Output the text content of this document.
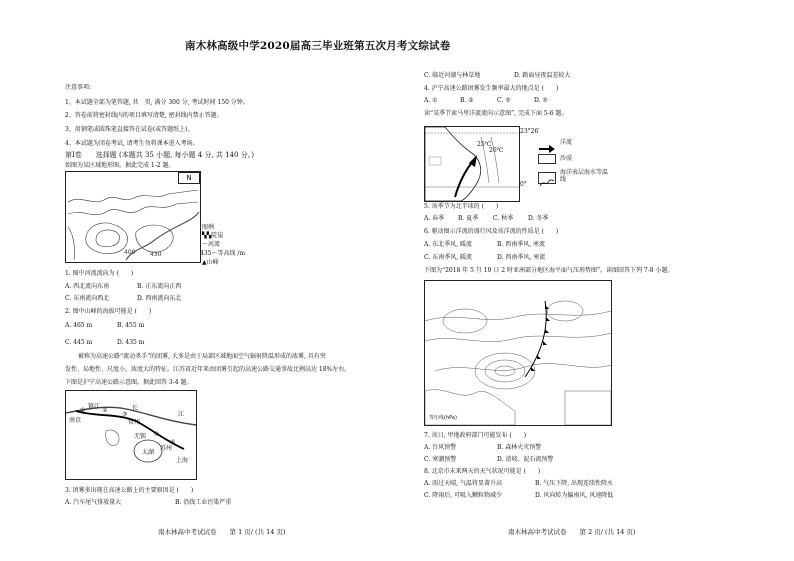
南木林高级中学2020届高三毕业班第五次月考文综试卷
注意事项:
1、本试题全部为笔答题, 共　页, 满分 300 分, 考试时间 150 分钟。
2、答卷前将密封线内的项目填写清楚, 密封线内禁止答题。
3、用钢笔或圆珠笔直接答在试卷(或答题纸上)。
4、本试题为闭卷考试, 请考生勿将课本进入考场。
第Ⅰ卷　　选择题 (本题共 35 小题, 每小题 4 分, 共 140 分。)
如图为某区域地形图。据此完成 1-2 题。
400 430
N
图例
▚▚陡崖
～河流
435～等高线 /m
▲山峰
1. 图中河流流向为 (　　)
A. 西北流向东南	B. 正东流向正西
C. 东南流向西北	D. 西南流向东北
2. 图中山峰的海拔可能是 (　　)
A. 465 m	B. 455 m
C. 445 m	D. 435 m
被称为高速公路“流动杀手”的团雾, 大多是由于局部区域地面空气辐射降温形成的浓雾, 具有突
发性、局地性、尺度小、浓度大的特征。江苏省近年来由团雾引起的高速公路交通事故比例高达 18%左右。
下图是沪宁高速公路示意图。据此回答 3-4 题。
南京
江
镇江
常州
无锡
苏州
上海
太湖
长
①	②
③
④
⑤
3. 团雾多出现在高速公路上的主要原因是 (　　)
A. 汽车尾气排放量大	B. 沿线工业污染严重
C. 临近河湖与林草地	D. 路面昼夜温差较大
4. 沪宁高速公路团雾发生频率最大的地点是 (　　)
A. ①	B. ②	C. ⑤	D. ⑤
读“某季节索马里洋流流向示意图”, 完成下面 5-6 题。
25℃
26℃
23°26′
0°
洋流
沙漠
海洋表层海水等温线
5. 该季节为北半球的 (　　)
A. 春季 B. 夏季 C. 秋季 D. 冬季
6. 驱动图示洋流的盛行风及该洋流的性质是 (　　)
A. 东北季风, 暖流	B. 西南季风, 寒流
C. 东南季风, 暖流	D. 西南季风, 寒流
下图为“2018 年 5 月 10 日 2 时亚洲部分地区海平面气压形势图”。读图回答下列 7-8 小题。
等压线(hPa)
7. 该日, 甲地政府部门可能发布 (　　)
A. 台风预警	B. 森林火灾预警
C. 寒潮预警	D. 滑坡、泥石流预警
8. 北京市未来两天的天气状况可能是 (　　)
A. 雨过天晴, 气温将显著升高	B. 气压下降, 出现连续性降水
C. 降雨后, 可吸入颗粒物减少	D. 风向转为偏南风, 风速降低
南木林高中考试试卷　　第 1 页/ (共 14 页)	南木林高中考试试卷　　第 2 页/ (共 14 页)
